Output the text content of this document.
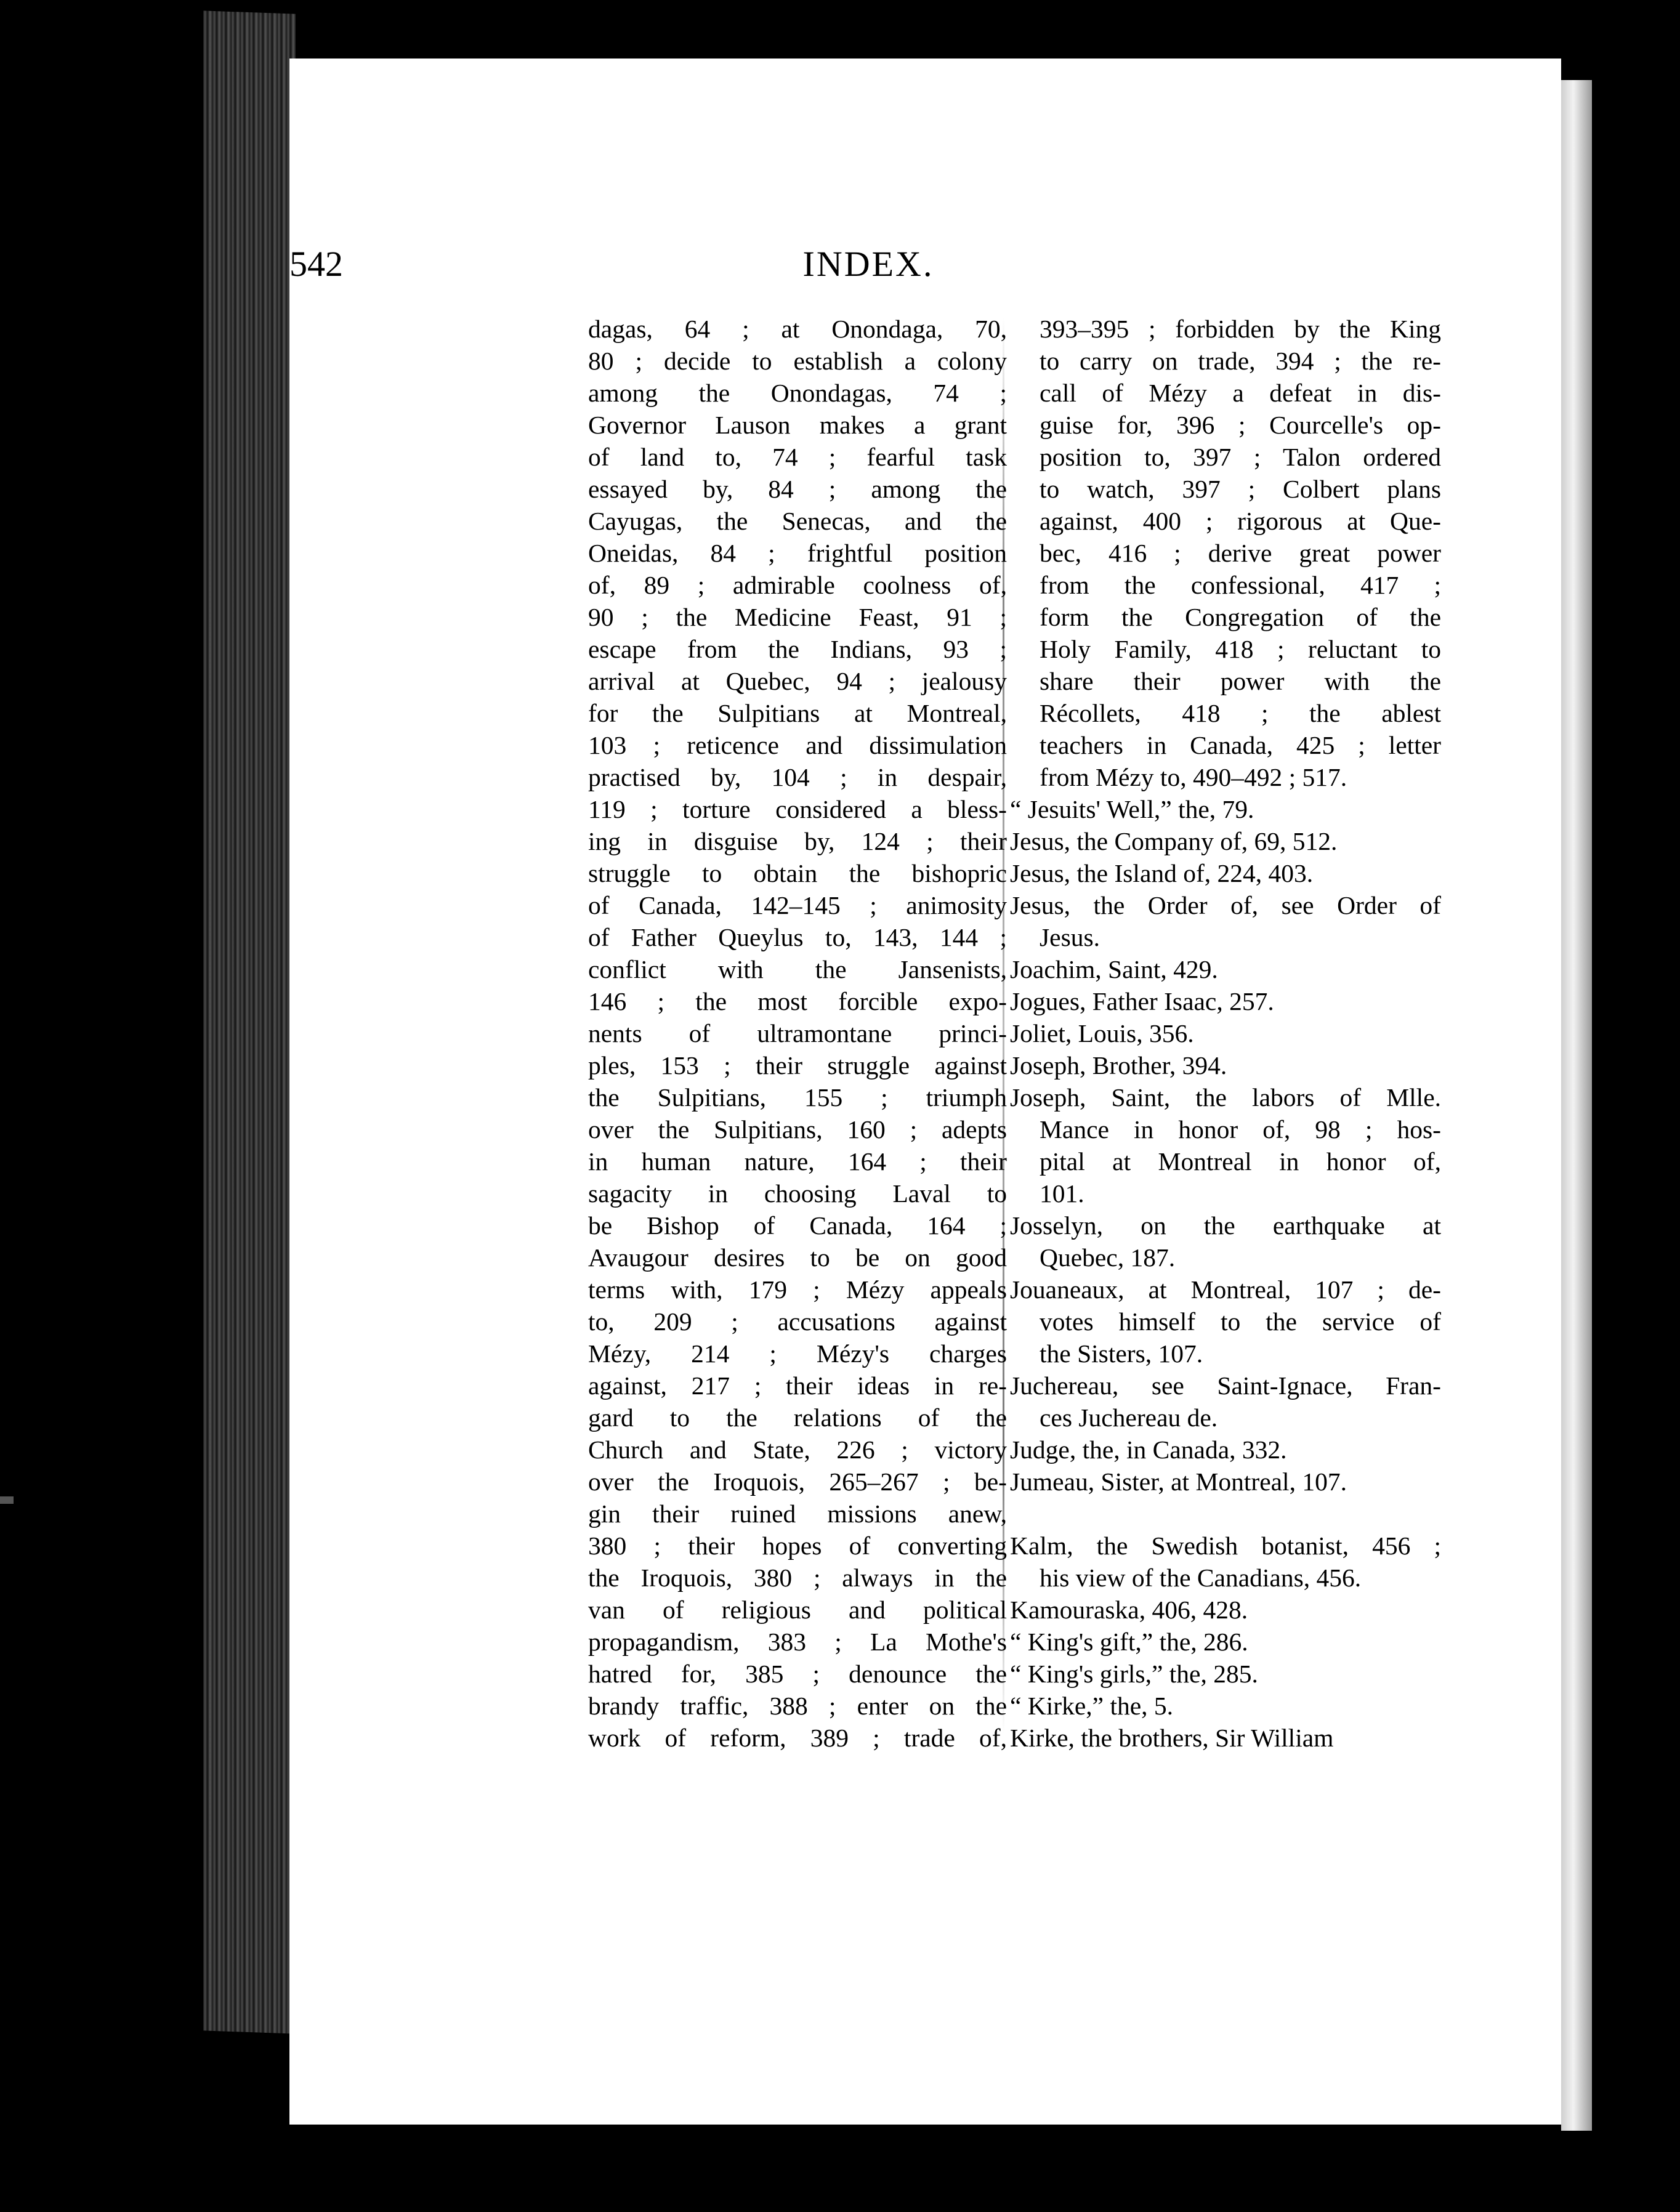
542	INDEX.
dagas, 64 ; at Onondaga, 70,
80 ; decide to establish a colony
among the Onondagas, 74 ;
Governor Lauson makes a grant
of land to, 74 ; fearful task
essayed by, 84 ; among the
Cayugas, the Senecas, and the
Oneidas, 84 ; frightful position
of, 89 ; admirable coolness of,
90 ; the Medicine Feast, 91 ;
escape from the Indians, 93 ;
arrival at Quebec, 94 ; jealousy
for the Sulpitians at Montreal,
103 ; reticence and dissimulation
practised by, 104 ; in despair,
119 ; torture considered a bless-
ing in disguise by, 124 ; their
struggle to obtain the bishopric
of Canada, 142–145 ; animosity
of Father Queylus to, 143, 144 ;
conflict with the Jansenists,
146 ; the most forcible expo-
nents of ultramontane princi-
ples, 153 ; their struggle against
the Sulpitians, 155 ; triumph
over the Sulpitians, 160 ; adepts
in human nature, 164 ; their
sagacity in choosing Laval to
be Bishop of Canada, 164 ;
Avaugour desires to be on good
terms with, 179 ; Mézy appeals
to, 209 ; accusations against
Mézy, 214 ; Mézy's charges
against, 217 ; their ideas in re-
gard to the relations of the
Church and State, 226 ; victory
over the Iroquois, 265–267 ; be-
gin their ruined missions anew,
380 ; their hopes of converting
the Iroquois, 380 ; always in the
van of religious and political
propagandism, 383 ; La Mothe's
hatred for, 385 ; denounce the
brandy traffic, 388 ; enter on the
work of reform, 389 ; trade of,
393–395 ; forbidden by the King
to carry on trade, 394 ; the re-
call of Mézy a defeat in dis-
guise for, 396 ; Courcelle's op-
position to, 397 ; Talon ordered
to watch, 397 ; Colbert plans
against, 400 ; rigorous at Que-
bec, 416 ; derive great power
from the confessional, 417 ;
form the Congregation of the
Holy Family, 418 ; reluctant to
share their power with the
Récollets, 418 ; the ablest
teachers in Canada, 425 ; letter
from Mézy to, 490–492 ; 517.
“ Jesuits' Well,” the, 79.
Jesus, the Company of, 69, 512.
Jesus, the Island of, 224, 403.
Jesus, the Order of, see Order of
Jesus.
Joachim, Saint, 429.
Jogues, Father Isaac, 257.
Joliet, Louis, 356.
Joseph, Brother, 394.
Joseph, Saint, the labors of Mlle.
Mance in honor of, 98 ; hos-
pital at Montreal in honor of,
101.
Josselyn, on the earthquake at
Quebec, 187.
Jouaneaux, at Montreal, 107 ; de-
votes himself to the service of
the Sisters, 107.
Juchereau, see Saint-Ignace, Fran-
ces Juchereau de.
Judge, the, in Canada, 332.
Jumeau, Sister, at Montreal, 107.
Kalm, the Swedish botanist, 456 ;
his view of the Canadians, 456.
Kamouraska, 406, 428.
“ King's gift,” the, 286.
“ King's girls,” the, 285.
“ Kirke,” the, 5.
Kirke, the brothers, Sir William
